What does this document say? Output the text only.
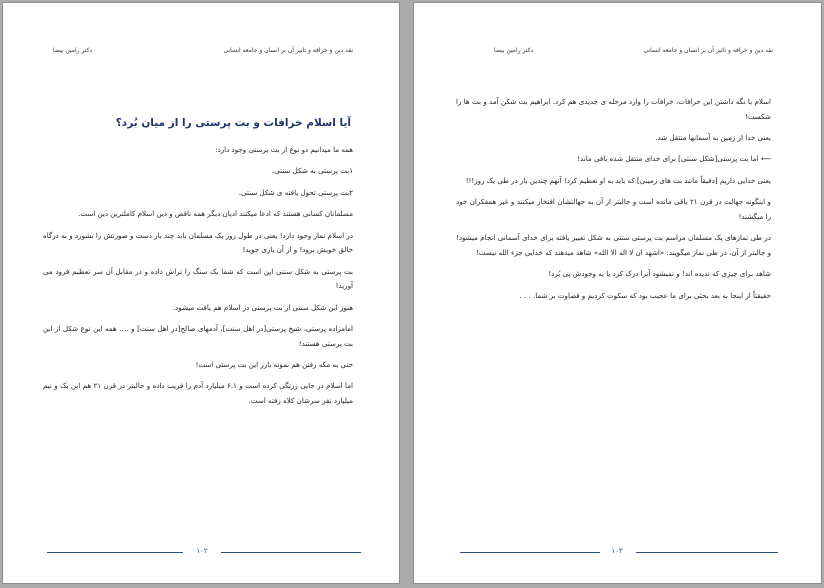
نقد دین و خرافه و تاثیر آن بر انسان و جامعه انسانی
دکتر رامین بیضا
آیا اسلام خرافات و بت پرستی را از میان بُرد؟

همه ما میدانیم دو نوع از بت پرستی وجود دارد:

۱بت پرستی به شکل سنتی.

۲بت پرستی تحول یافته ی شکل سنتی.

مسلمانان کسانی هستند که ادعا میکنند ادیان دیگر همه ناقص و دین اسلام کاملترین دین است.

در اسلام نماز وجود دارد! یعنی در طول روز یک مسلمان باید چند بار دست و صورتش را بشورد و به درگاه خالق خویش برود! و از آن یاری جوید!

بت پرستی به شکل سنتی این است که شما یک سنگ را تراش داده و در مقابل آن سر تعظیم فرود می آورید!

هنوز این شکل سنتی از بت پرستی در اسلام هم یافت میشود.

امامزاده پرستی، شیخ پرستی[در اهل سنت]، آدمهای صالح[در اهل سنت] و …. همه این نوع شکل از این بت پرستی هستند!

حتی به مکه رفتن هم نمونه بارز این بت پرستی است!

اما اسلام در جایی زرنگی کرده است و ۶.۱ میلیارد آدم را فریب داده و جالبتر در قرن ۲۱ هم این یک و نیم میلیارد نفر سرشان کلاه رفته است.

۱۰۲
نقد دین و خرافه و تاثیر آن بر انسان و جامعه انسانی
دکتر رامین بیضا

اسلام با نگه داشتن این خرافات، خرافات را وارد مرحله ی جدیدی هم کرد. ابراهیم بت شکن آمد و بت ها را شکست!

یعنی خدا از زمین به آسمانها منتقل شد.

⟵ اما بت پرستی[شکل سنتی] برای خدای منتقل شده باقی ماند!

یعنی خدایی داریم [دقیقاً مانند بت های زمینی] که باید به او تعظیم کرد! آنهم چندین بار در طی یک روز!!!

و اینگونه جهالت در قرن ۲۱ باقی مانده است و جالبتر از آن به جهالتشان افتخار میکنند و غیر همفکران خود را میگشند!

در طی نمازهای یک مسلمان مراسم بت پرستی سنتی به شکل تغییر یافته برای خدای آسمانی انجام میشود! و جالبتر از آن، در طی نماز میگویند: «اشهد ان لا اله الا الله» شاهد میدهند که خدایی جزء الله نیست!

شاهد برای چیزی که ندیده اند! و نمیشود آنرا درک کرد یا به وجودش پی بُرد!

حقیقتاً از اینجا به بعد بحثی برای ما عجیب بود که سکوت کردیم و قضاوت بر شما. . . .

۱۰۳
